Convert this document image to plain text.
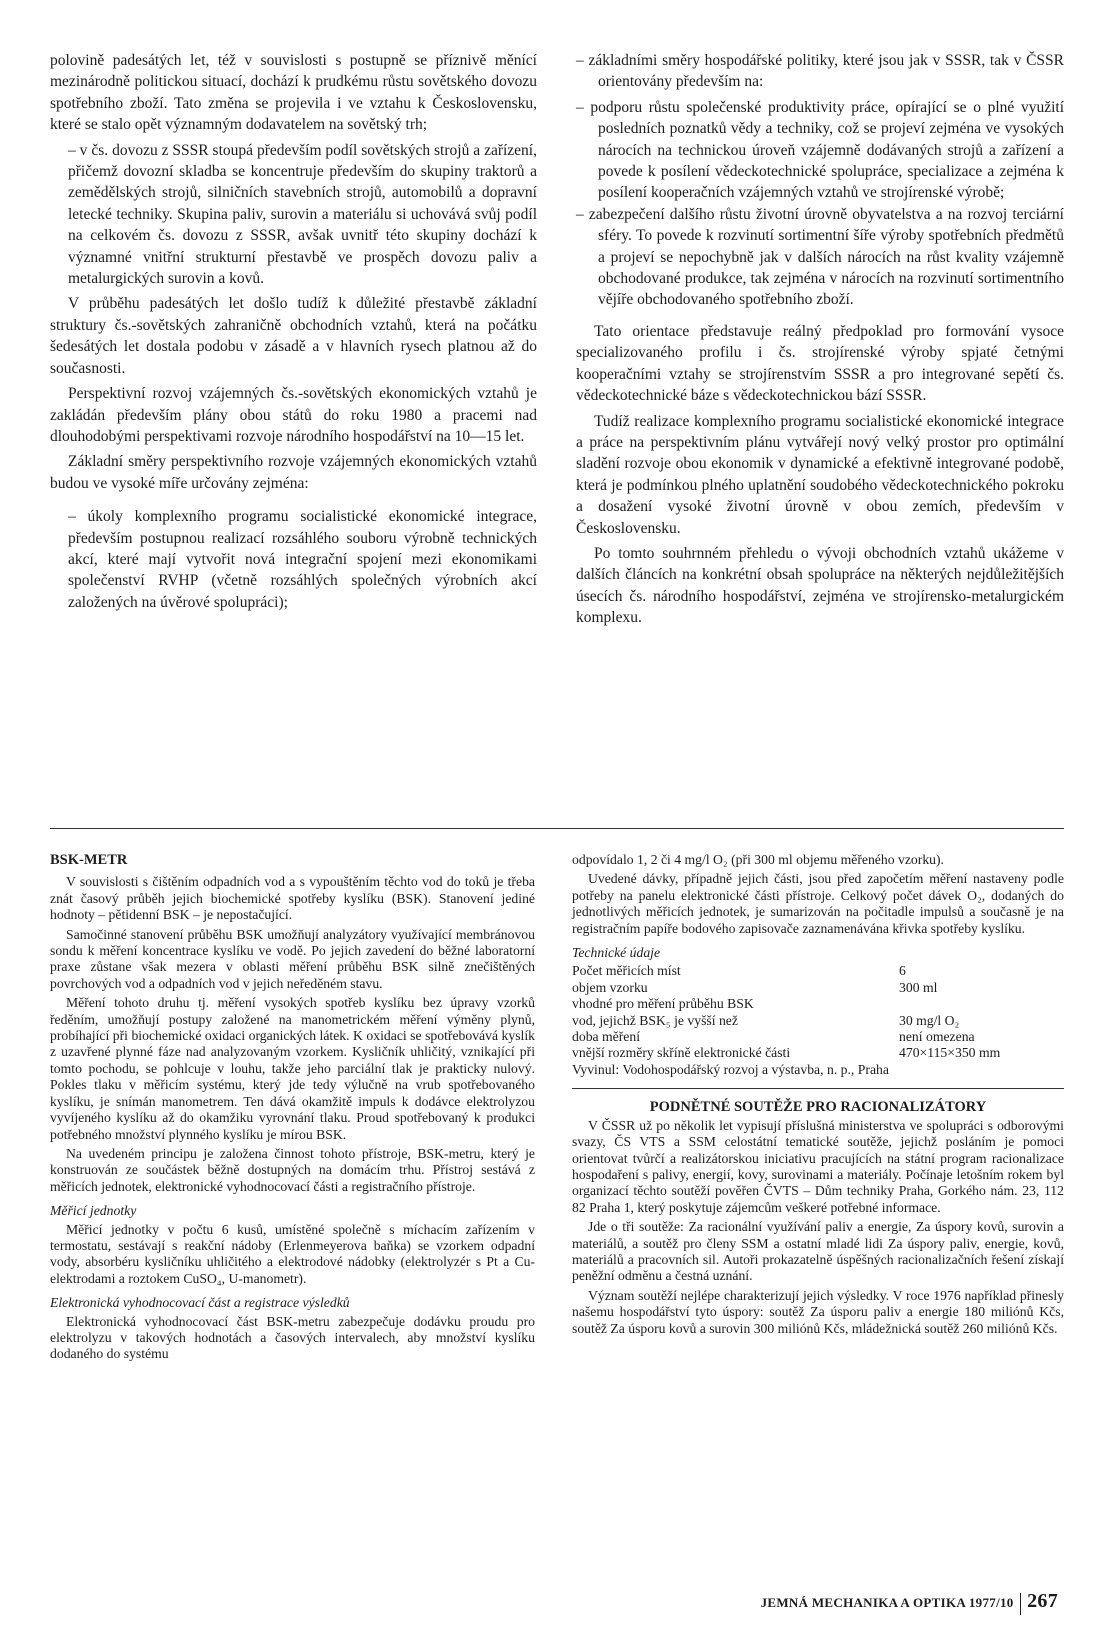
polovině padesátých let, též v souvislosti s postupně se příznivě měnící mezinárodně politickou situací, dochází k prudkému růstu sovětského dovozu spotřebního zboží. Tato změna se projevila i ve vztahu k Československu, které se stalo opět významným dodavatelem na sovětský trh;

– v čs. dovozu z SSSR stoupá především podíl sovětských strojů a zařízení, přičemž dovozní skladba se koncentruje především do skupiny traktorů a zemědělských strojů, silničních stavebních strojů, automobilů a dopravní letecké techniky. Skupina paliv, surovin a materiálu si uchovává svůj podíl na celkovém čs. dovozu z SSSR, avšak uvnitř této skupiny dochází k významné vnitřní strukturní přestavbě ve prospěch dovozu paliv a metalurgických surovin a kovů.

V průběhu padesátých let došlo tudíž k důležité přestavbě základní struktury čs.-sovětských zahraničně obchodních vztahů, která na počátku šedesátých let dostala podobu v zásadě a v hlavních rysech platnou až do současnosti.

Perspektivní rozvoj vzájemných čs.-sovětských ekonomických vztahů je zakládán především plány obou států do roku 1980 a pracemi nad dlouhodobými perspektivami rozvoje národního hospodářství na 10—15 let.

Základní směry perspektivního rozvoje vzájemných ekonomických vztahů budou ve vysoké míře určovány zejména:

– úkoly komplexního programu socialistické ekonomické integrace, především postupnou realizací rozsáhlého souboru výrobně technických akcí, které mají vytvořit nová integrační spojení mezi ekonomikami společenství RVHP (včetně rozsáhlých společných výrobních akcí založených na úvěrové spolupráci);

– základními směry hospodářské politiky, které jsou jak v SSSR, tak v ČSSR orientovány především na:

– podporu růstu společenské produktivity práce, opírající se o plné využití posledních poznatků vědy a techniky, což se projeví zejména ve vysokých nárocích na technickou úroveň vzájemně dodávaných strojů a zařízení a povede k posílení vědeckotechnické spolupráce, specializace a zejména k posílení kooperačních vzájemných vztahů ve strojírenské výrobě;

– zabezpečení dalšího růstu životní úrovně obyvatelstva a na rozvoj terciární sféry. To povede k rozvinutí sortimentní šíře výroby spotřebních předmětů a projeví se nepochybně jak v dalších nárocích na růst kvality vzájemně obchodované produkce, tak zejména v nárocích na rozvinutí sortimentního vějíře obchodovaného spotřebního zboží.

Tato orientace představuje reálný předpoklad pro formování vysoce specializovaného profilu i čs. strojírenské výroby spjaté četnými kooperačními vztahy se strojírenstvím SSSR a pro integrované sepětí čs. vědeckotechnické báze s vědeckotechnickou bází SSSR.

Tudíž realizace komplexního programu socialistické ekonomické integrace a práce na perspektivním plánu vytvářejí nový velký prostor pro optimální sladění rozvoje obou ekonomik v dynamické a efektivně integrované podobě, která je podmínkou plného uplatnění soudobého vědeckotechnického pokroku a dosažení vysoké životní úrovně v obou zemích, především v Československu.

Po tomto souhrnném přehledu o vývoji obchodních vztahů ukážeme v dalších článcích na konkrétní obsah spolupráce na některých nejdůležitějších úsecích čs. národního hospodářství, zejména ve strojírensko-metalurgickém komplexu.

BSK-METR

V souvislosti s čištěním odpadních vod a s vypouštěním těchto vod do toků je třeba znát časový průběh jejich biochemické spotřeby kyslíku (BSK). Stanovení jediné hodnoty – pětidenní BSK – je nepostačující.

Samočinné stanovení průběhu BSK umožňují analyzátory využívající membránovou sondu k měření koncentrace kyslíku ve vodě. Po jejich zavedení do běžné laboratorní praxe zůstane však mezera v oblasti měření průběhu BSK silně znečištěných povrchových vod a odpadních vod v jejich neředěném stavu.

Měření tohoto druhu tj. měření vysokých spotřeb kyslíku bez úpravy vzorků ředěním, umožňují postupy založené na manometrickém měření výměny plynů, probíhající při biochemické oxidaci organických látek. K oxidaci se spotřebovává kyslík z uzavřené plynné fáze nad analyzovaným vzorkem. Kysličník uhličitý, vznikající při tomto pochodu, se pohlcuje v louhu, takže jeho parciální tlak je prakticky nulový. Pokles tlaku v měřicím systému, který jde tedy výlučně na vrub spotřebovaného kyslíku, je snímán manometrem. Ten dává okamžitě impuls k dodávce elektrolyzou vyvíjeného kyslíku až do okamžiku vyrovnání tlaku. Proud spotřebovaný k produkci potřebného množství plynného kyslíku je mírou BSK.

Na uvedeném principu je založena činnost tohoto přístroje, BSK-metru, který je konstruován ze součástek běžně dostupných na domácím trhu. Přístroj sestává z měřicích jednotek, elektronické vyhodnocovací části a registračního přístroje.

Měřicí jednotky

Měřicí jednotky v počtu 6 kusů, umístěné společně s míchacím zařízením v termostatu, sestávají s reakční nádoby (Erlenmeyerova baňka) se vzorkem odpadní vody, absorbéru kysličníku uhličitého a elektrodové nádobky (elektrolyzér s Pt a Cu-elektrodami a roztokem CuSO₄, U-manometr).

Elektronická vyhodnocovací část a registrace výsledků

Elektronická vyhodnocovací část BSK-metru zabezpečuje dodávku proudu pro elektrolyzu v takových hodnotách a časových intervalech, aby množství kyslíku dodaného do systému

odpovídalo 1, 2 či 4 mg/l O₂ (při 300 ml objemu měřeného vzorku).

Uvedené dávky, případně jejich části, jsou před započetím měření nastaveny podle potřeby na panelu elektronické části přístroje. Celkový počet dávek O₂, dodaných do jednotlivých měřicích jednotek, je sumarizován na počitadle impulsů a současně je na registračním papíře bodového zapisovače zaznamenávána křivka spotřeby kyslíku.

Technické údaje

Počet měřicích míst	6
objem vzorku	300 ml
vhodné pro měření průběhu BSK	
vod, jejichž BSK₅ je vyšší než	30 mg/l O₂
doba měření	není omezena
vnější rozměry skříně elektronické části	470×115×350 mm

Vyvinul: Vodohospodářský rozvoj a výstavba, n. p., Praha

PODNĚTNÉ SOUTĚŽE PRO RACIONALIZÁTORY

V ČSSR už po několik let vypisují příslušná ministerstva ve spolupráci s odborovými svazy, ČS VTS a SSM celostátní tematické soutěže, jejichž posláním je pomoci orientovat tvůrčí a realizátorskou iniciativu pracujících na státní program racionalizace hospodaření s palivy, energií, kovy, surovinami a materiály. Počínaje letošním rokem byl organizací těchto soutěží pověřen ČVTS – Dům techniky Praha, Gorkého nám. 23, 112 82 Praha 1, který poskytuje zájemcům veškeré potřebné informace.

Jde o tři soutěže: Za racionální využívání paliv a energie, Za úspory kovů, surovin a materiálů, a soutěž pro členy SSM a ostatní mladé lidi Za úspory paliv, energie, kovů, materiálů a pracovních sil. Autoři prokazatelně úspěšných racionalizačních řešení získají peněžní odměnu a čestná uznání.

Význam soutěží nejlépe charakterizují jejich výsledky. V roce 1976 například přinesly našemu hospodářství tyto úspory: soutěž Za úsporu paliv a energie 180 miliónů Kčs, soutěž Za úsporu kovů a surovin 300 miliónů Kčs, mládežnická soutěž 260 miliónů Kčs.

JEMNÁ MECHANIKA A OPTIKA 1977/10 267
